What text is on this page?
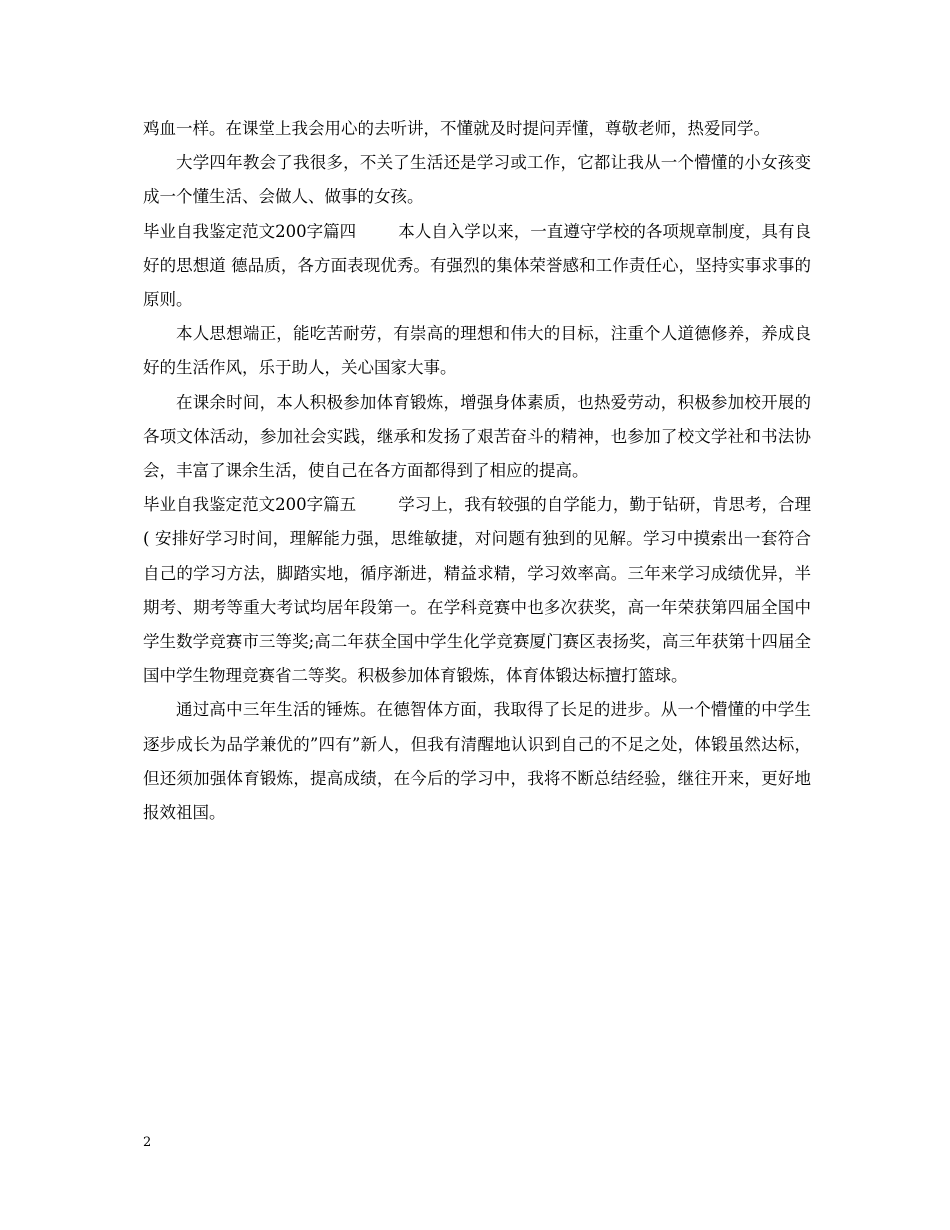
鸡血一样。在课堂上我会用心的去听讲，不懂就及时提问弄懂，尊敬老师，热爱同学。

大学四年教会了我很多，不关了生活还是学习或工作，它都让我从一个懵懂的小女孩变成一个懂生活、会做人、做事的女孩。

毕业自我鉴定范文200字篇四	本人自入学以来，一直遵守学校的各项规章制度，具有良好的思想道 德品质，各方面表现优秀。有强烈的集体荣誉感和工作责任心，坚持实事求事的原则。

本人思想端正，能吃苦耐劳，有崇高的理想和伟大的目标，注重个人道德修养，养成良好的生活作风，乐于助人，关心国家大事。

在课余时间，本人积极参加体育锻炼，增强身体素质，也热爱劳动，积极参加校开展的各项文体活动，参加社会实践，继承和发扬了艰苦奋斗的精神，也参加了校文学社和书法协会，丰富了课余生活，使自己在各方面都得到了相应的提高。

毕业自我鉴定范文200字篇五	学习上，我有较强的自学能力，勤于钻研，肯思考，合理( 安排好学习时间，理解能力强，思维敏捷，对问题有独到的见解。学习中摸索出一套符合自己的学习方法，脚踏实地，循序渐进，精益求精，学习效率高。三年来学习成绩优异，半期考、期考等重大考试均居年段第一。在学科竞赛中也多次获奖，高一年荣获第四届全国中学生数学竞赛市三等奖;高二年获全国中学生化学竞赛厦门赛区表扬奖，高三年获第十四届全国中学生物理竞赛省二等奖。积极参加体育锻炼，体育体锻达标擅打篮球。

通过高中三年生活的锤炼。在德智体方面，我取得了长足的进步。从一个懵懂的中学生逐步成长为品学兼优的”四有”新人，但我有清醒地认识到自己的不足之处，体锻虽然达标，但还须加强体育锻炼，提高成绩，在今后的学习中，我将不断总结经验，继往开来，更好地报效祖国。

2
